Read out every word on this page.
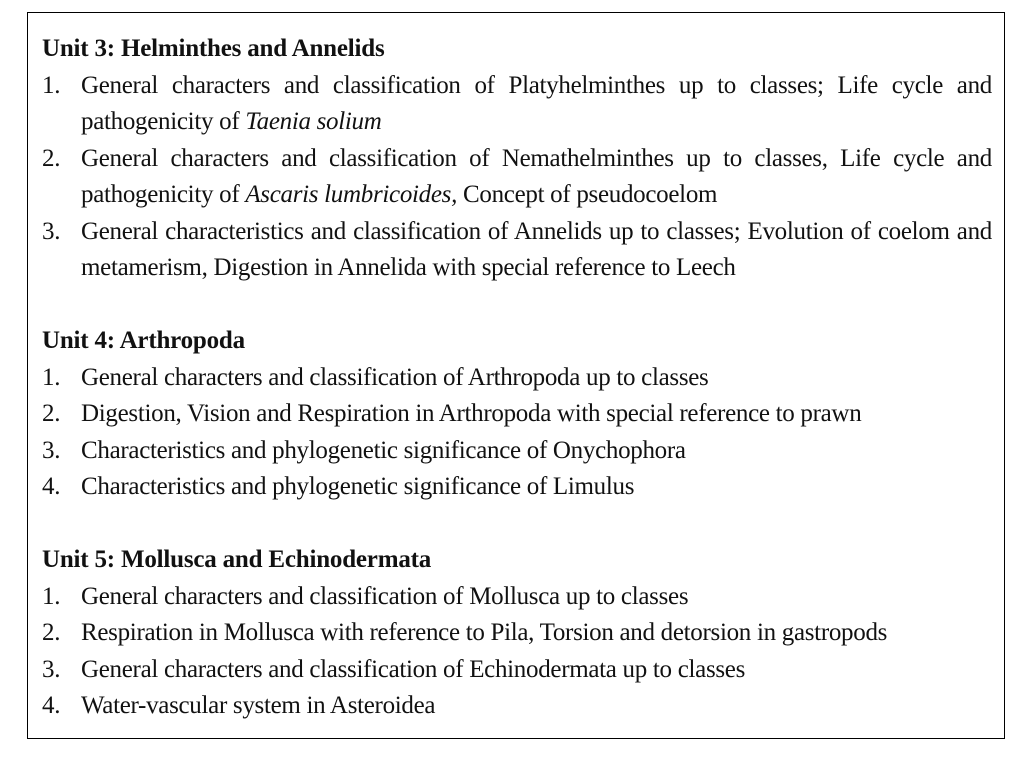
Unit 3: Helminthes and Annelids
1. General characters and classification of Platyhelminthes up to classes; Life cycle and pathogenicity of Taenia solium
2. General characters and classification of Nemathelminthes up to classes, Life cycle and pathogenicity of Ascaris lumbricoides, Concept of pseudocoelom
3. General characteristics and classification of Annelids up to classes; Evolution of coelom and metamerism, Digestion in Annelida with special reference to Leech
Unit 4: Arthropoda
1. General characters and classification of Arthropoda up to classes
2. Digestion, Vision and Respiration in Arthropoda with special reference to prawn
3. Characteristics and phylogenetic significance of Onychophora
4. Characteristics and phylogenetic significance of Limulus
Unit 5: Mollusca and Echinodermata
1. General characters and classification of Mollusca up to classes
2. Respiration in Mollusca with reference to Pila, Torsion and detorsion in gastropods
3. General characters and classification of Echinodermata up to classes
4. Water-vascular system in Asteroidea
